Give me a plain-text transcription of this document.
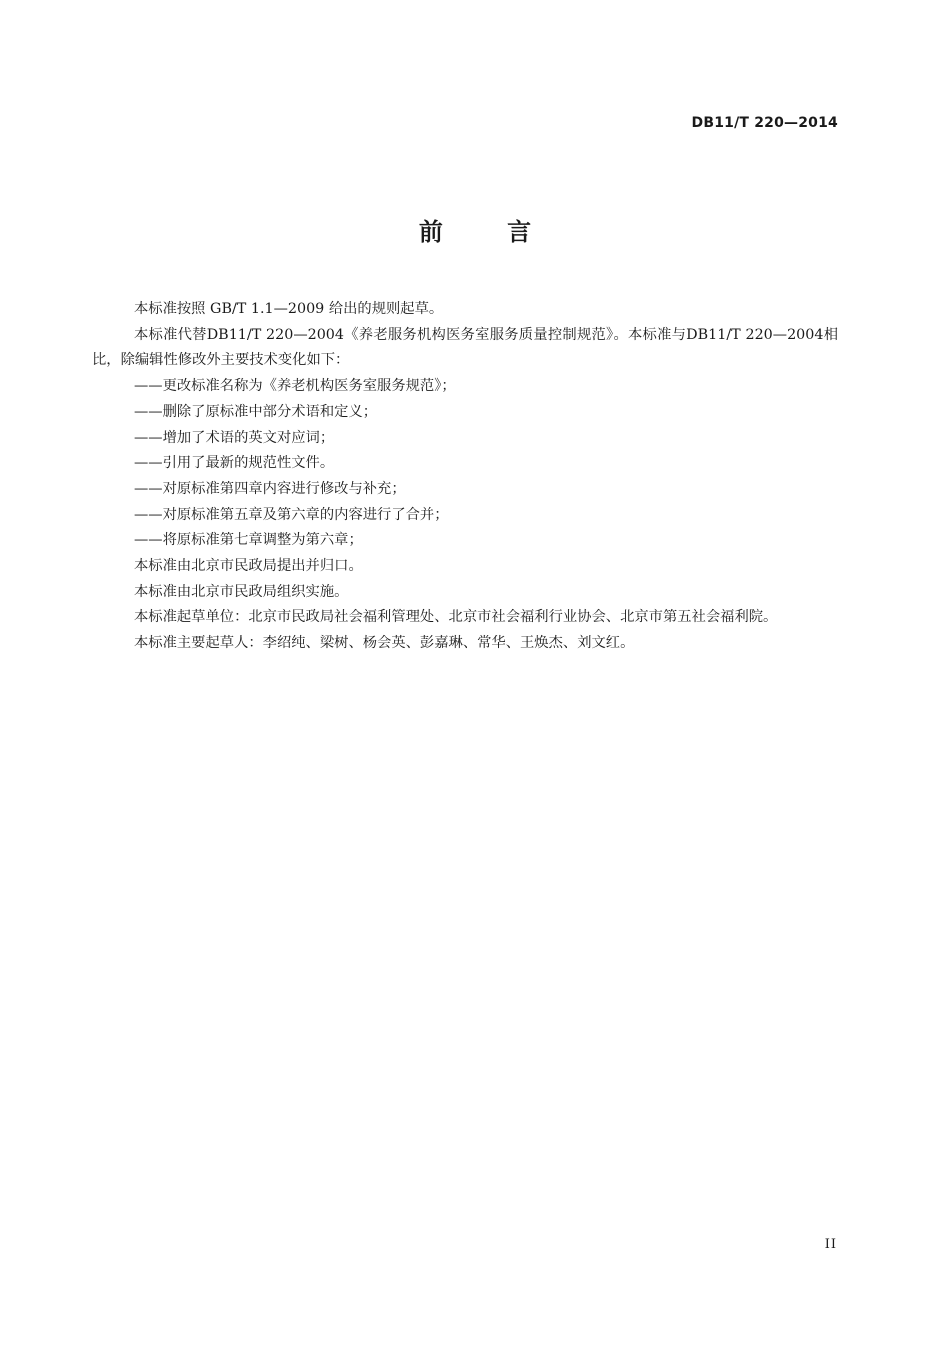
DB11/T 220—2014
前 言

本标准按照 GB/T 1.1—2009 给出的规则起草。

本标准代替DB11/T 220—2004《养老服务机构医务室服务质量控制规范》。本标准与DB11/T 220—2004相比，除编辑性修改外主要技术变化如下：

——更改标准名称为《养老机构医务室服务规范》；

——删除了原标准中部分术语和定义；

——增加了术语的英文对应词；

——引用了最新的规范性文件。

——对原标准第四章内容进行修改与补充；

——对原标准第五章及第六章的内容进行了合并；

——将原标准第七章调整为第六章；

本标准由北京市民政局提出并归口。

本标准由北京市民政局组织实施。

本标准起草单位：北京市民政局社会福利管理处、北京市社会福利行业协会、北京市第五社会福利院。

本标准主要起草人：李绍纯、梁树、杨会英、彭嘉琳、常华、王焕杰、刘文红。

II
